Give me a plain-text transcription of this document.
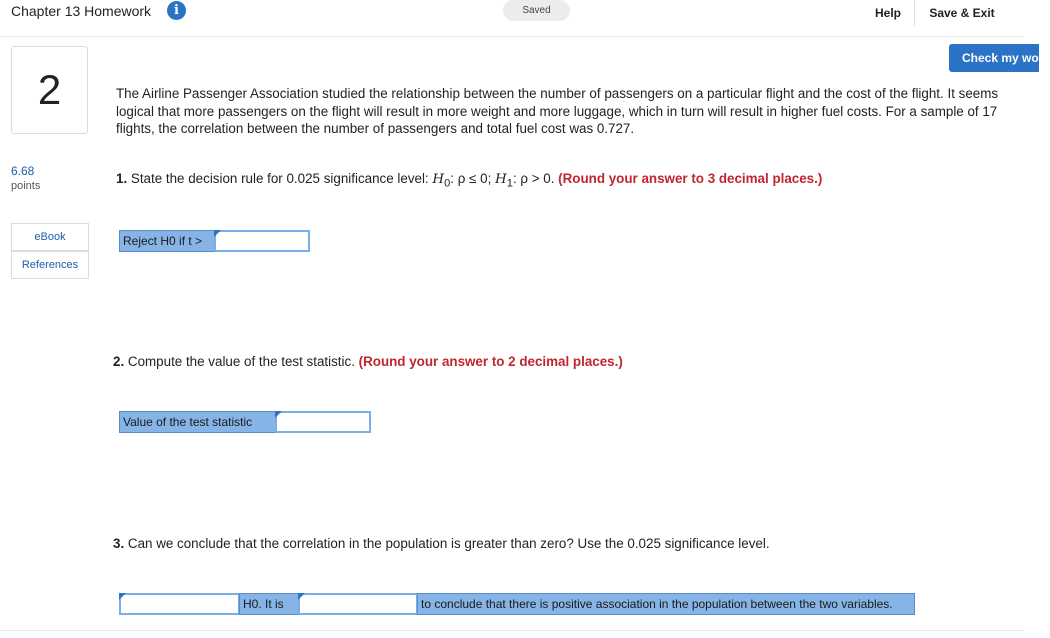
Chapter 13 Homework	i	Saved	Help	Save & Exit
Check my work
2
6.68
points
eBook
References
The Airline Passenger Association studied the relationship between the number of passengers on a particular flight and the cost of the flight. It seems logical that more passengers on the flight will result in more weight and more luggage, which in turn will result in higher fuel costs. For a sample of 17 flights, the correlation between the number of passengers and total fuel cost was 0.727.
1. State the decision rule for 0.025 significance level: $H_0$: ρ ≤ 0; $H_1$: ρ > 0. (Round your answer to 3 decimal places.)
Reject H0 if t >
2. Compute the value of the test statistic. (Round your answer to 2 decimal places.)
Value of the test statistic
3. Can we conclude that the correlation in the population is greater than zero? Use the 0.025 significance level.
H0. It is	to conclude that there is positive association in the population between the two variables.
